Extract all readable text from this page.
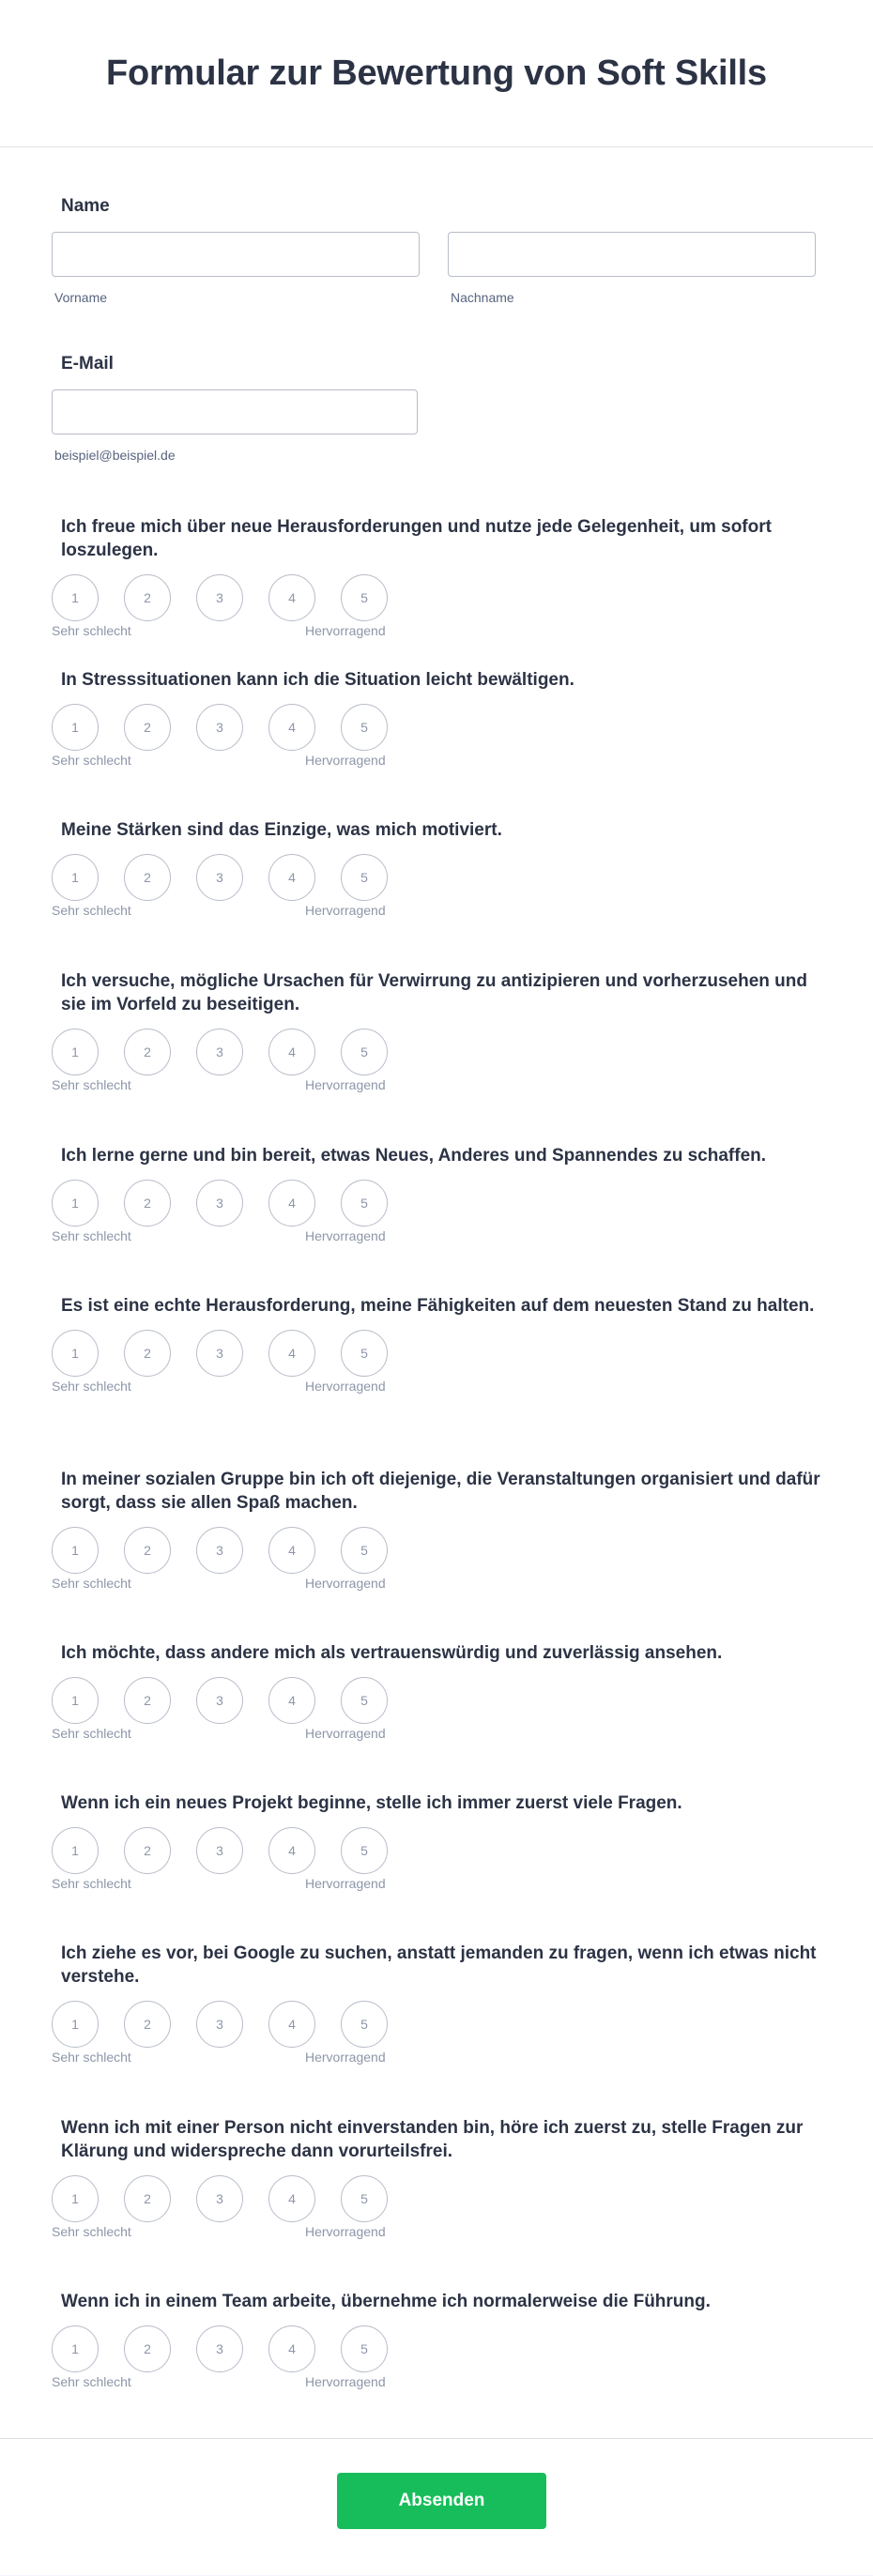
Formular zur Bewertung von Soft Skills
Name
Vorname	Nachname
E-Mail
beispiel@beispiel.de
Ich freue mich über neue Herausforderungen und nutze jede Gelegenheit, um sofort loszulegen.
1	2	3	4	5
Sehr schlecht	Hervorragend
In Stresssituationen kann ich die Situation leicht bewältigen.
1	2	3	4	5
Sehr schlecht	Hervorragend
Meine Stärken sind das Einzige, was mich motiviert.
1	2	3	4	5
Sehr schlecht	Hervorragend
Ich versuche, mögliche Ursachen für Verwirrung zu antizipieren und vorherzusehen und sie im Vorfeld zu beseitigen.
1	2	3	4	5
Sehr schlecht	Hervorragend
Ich lerne gerne und bin bereit, etwas Neues, Anderes und Spannendes zu schaffen.
1	2	3	4	5
Sehr schlecht	Hervorragend
Es ist eine echte Herausforderung, meine Fähigkeiten auf dem neuesten Stand zu halten.
1	2	3	4	5
Sehr schlecht	Hervorragend
In meiner sozialen Gruppe bin ich oft diejenige, die Veranstaltungen organisiert und dafür sorgt, dass sie allen Spaß machen.
1	2	3	4	5
Sehr schlecht	Hervorragend
Ich möchte, dass andere mich als vertrauenswürdig und zuverlässig ansehen.
1	2	3	4	5
Sehr schlecht	Hervorragend
Wenn ich ein neues Projekt beginne, stelle ich immer zuerst viele Fragen.
1	2	3	4	5
Sehr schlecht	Hervorragend
Ich ziehe es vor, bei Google zu suchen, anstatt jemanden zu fragen, wenn ich etwas nicht verstehe.
1	2	3	4	5
Sehr schlecht	Hervorragend
Wenn ich mit einer Person nicht einverstanden bin, höre ich zuerst zu, stelle Fragen zur Klärung und widerspreche dann vorurteilsfrei.
1	2	3	4	5
Sehr schlecht	Hervorragend
Wenn ich in einem Team arbeite, übernehme ich normalerweise die Führung.
1	2	3	4	5
Sehr schlecht	Hervorragend
Absenden
